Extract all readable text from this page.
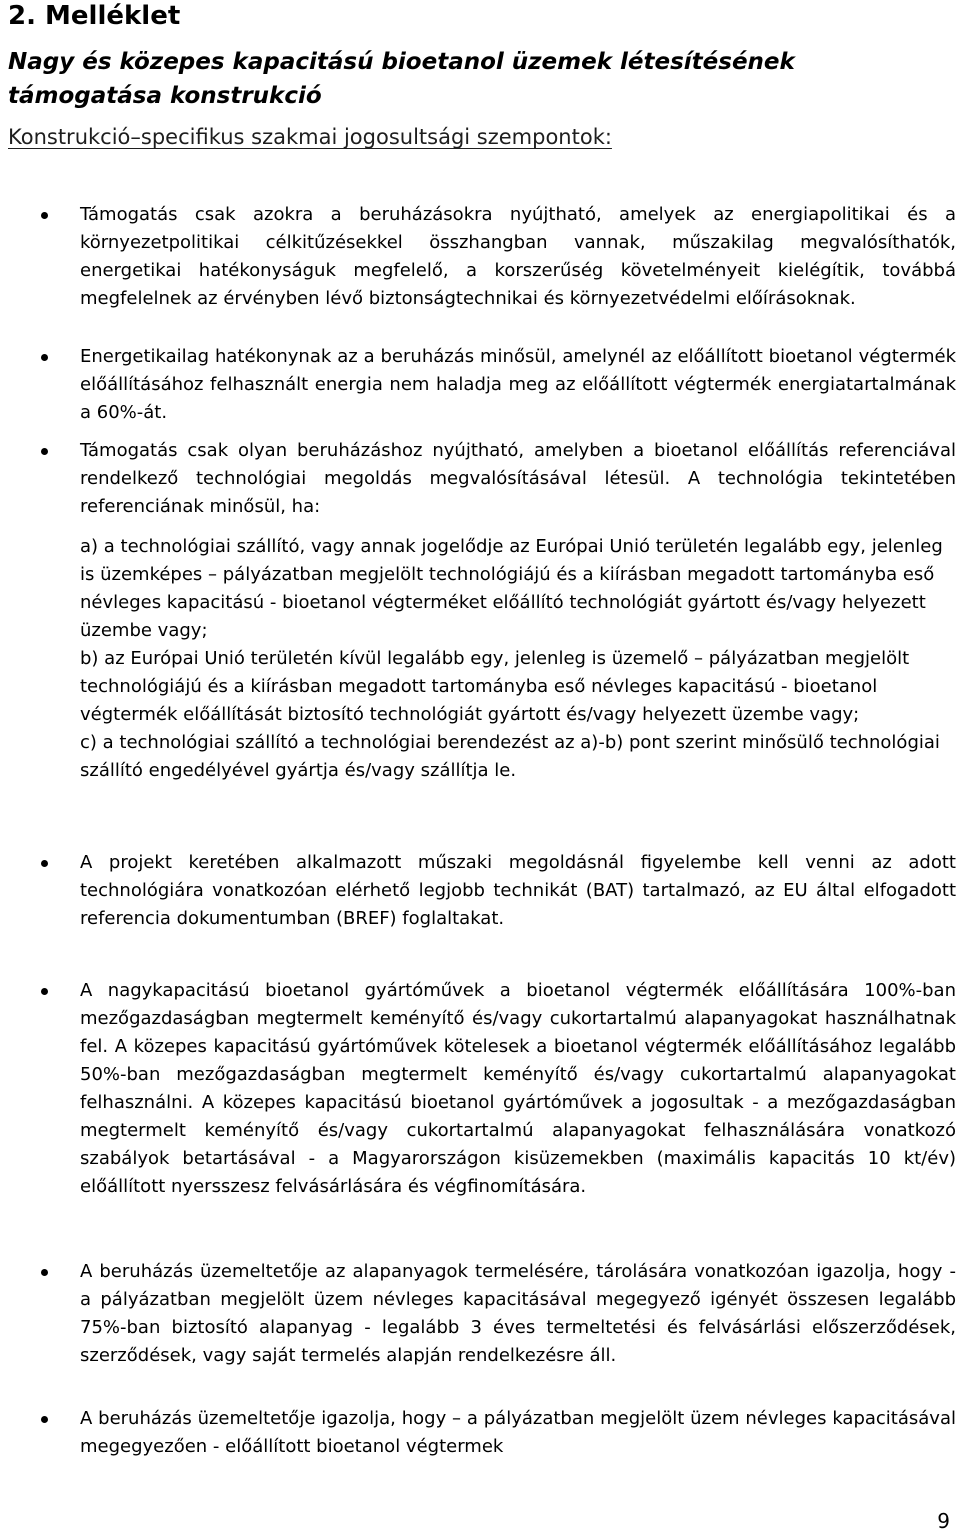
2. Melléklet
Nagy és közepes kapacitású bioetanol üzemek létesítésének támogatása konstrukció
Konstrukció–specifikus szakmai jogosultsági szempontok:
Támogatás csak azokra a beruházásokra nyújtható, amelyek az energiapolitikai és a környezetpolitikai célkitűzésekkel összhangban vannak, műszakilag megvalósíthatók, energetikai hatékonyságuk megfelelő, a korszerűség követelményeit kielégítik, továbbá megfelelnek az érvényben lévő biztonságtechnikai és környezetvédelmi előírásoknak.
Energetikailag hatékonynak az a beruházás minősül, amelynél az előállított bioetanol végtermék előállításához felhasznált energia nem haladja meg az előállított végtermék energiatartalmának a 60%-át.
Támogatás csak olyan beruházáshoz nyújtható, amelyben a bioetanol előállítás referenciával rendelkező technológiai megoldás megvalósításával létesül. A technológia tekintetében referenciának minősül, ha:
a) a technológiai szállító, vagy annak jogelődje az Európai Unió területén legalább egy, jelenleg is üzemképes – pályázatban megjelölt technológiájú és a kiírásban megadott tartományba eső névleges kapacitású - bioetanol végterméket előállító technológiát gyártott és/vagy helyezett üzembe vagy;
b) az Európai Unió területén kívül legalább egy, jelenleg is üzemelő – pályázatban megjelölt technológiájú és a kiírásban megadott tartományba eső névleges kapacitású - bioetanol végtermék előállítását biztosító technológiát gyártott és/vagy helyezett üzembe vagy;
c) a technológiai szállító a technológiai berendezést az a)-b) pont szerint minősülő technológiai szállító engedélyével gyártja és/vagy szállítja le.
A projekt keretében alkalmazott műszaki megoldásnál figyelembe kell venni az adott technológiára vonatkozóan elérhető legjobb technikát (BAT) tartalmazó, az EU által elfogadott referencia dokumentumban (BREF) foglaltakat.
A nagykapacitású bioetanol gyártóművek a bioetanol végtermék előállítására 100%-ban mezőgazdaságban megtermelt keményítő és/vagy cukortartalmú alapanyagokat használhatnak fel. A közepes kapacitású gyártóművek kötelesek a bioetanol végtermék előállításához legalább 50%-ban mezőgazdaságban megtermelt keményítő és/vagy cukortartalmú alapanyagokat felhasználni. A közepes kapacitású bioetanol gyártóművek a jogosultak - a mezőgazdaságban megtermelt keményítő és/vagy cukortartalmú alapanyagokat felhasználására vonatkozó szabályok betartásával - a Magyarországon kisüzemekben (maximális kapacitás 10 kt/év) előállított nyersszesz felvásárlására és végfinomítására.
A beruházás üzemeltetője az alapanyagok termelésére, tárolására vonatkozóan igazolja, hogy - a pályázatban megjelölt üzem névleges kapacitásával megegyező igényét összesen legalább 75%-ban biztosító alapanyag - legalább 3 éves termeltetési és felvásárlási előszerződések, szerződések, vagy saját termelés alapján rendelkezésre áll.
A beruházás üzemeltetője igazolja, hogy – a pályázatban megjelölt üzem névleges kapacitásával megegyezően - előállított bioetanol végtermek
9
